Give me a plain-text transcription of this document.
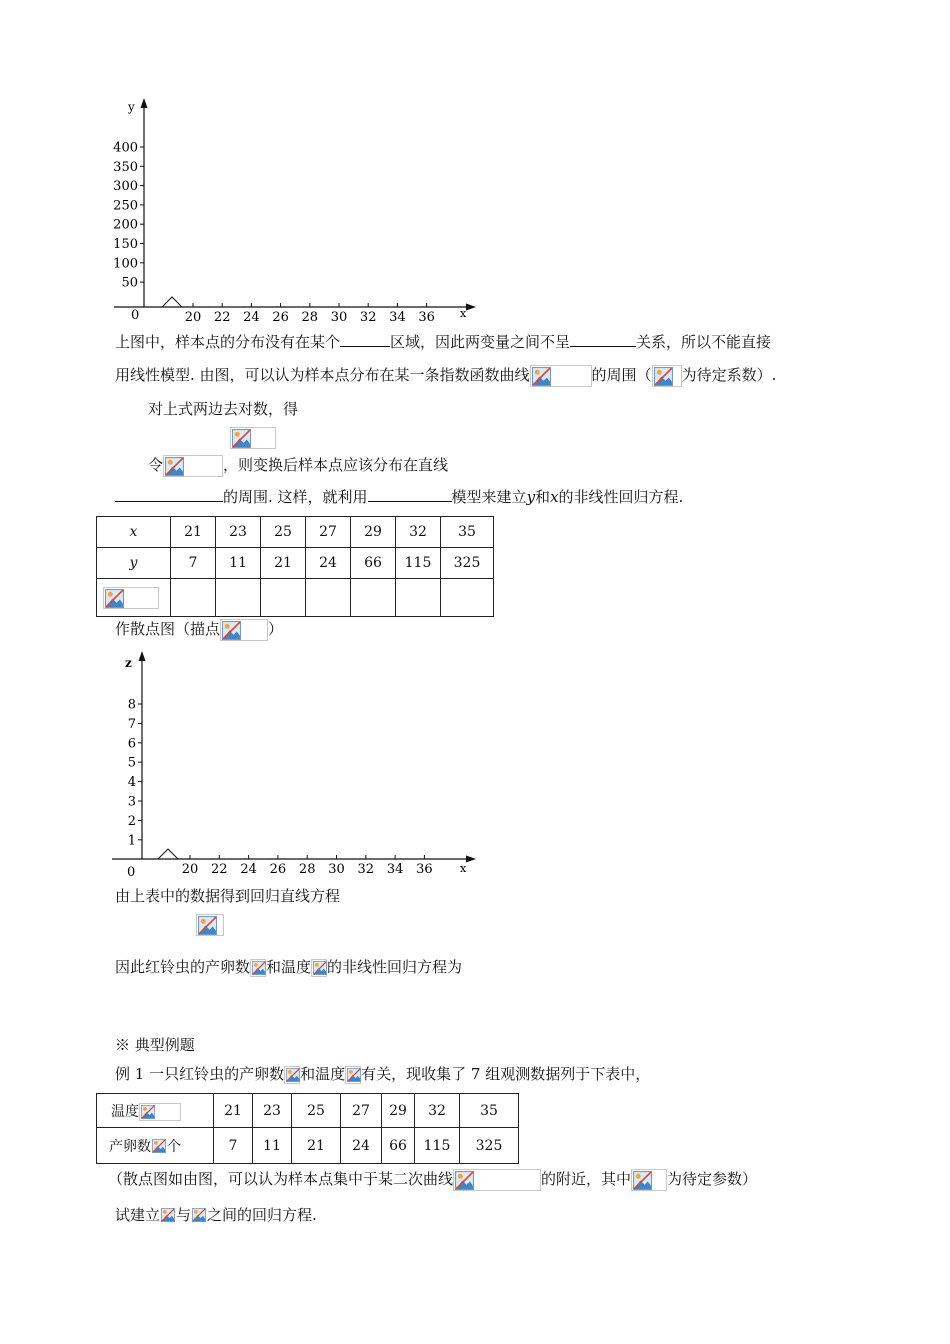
y
x
0
400
350
300
250
200
150
100
50
20 22 24 26 28 30 32 34 36
上图中，样本点的分布没有在某个	区域，因此两变量之间不呈	关系，所以不能直接
用线性模型. 由图，可以认为样本点分布在某一条指数函数曲线	的周围（ 为待定系数）.
对上式两边去对数，得
令	，则变换后样本点应该分布在直线
的周围. 这样，就利用	模型来建立y和x的非线性回归方程.
x	21	23	25	27	29	32	35
y	7	11	21	24	66	115	325

作散点图（描点	）
z
x
0
8
7
6
5
4
3
2
1
20 22 24 26 28 30 32 34 36
由上表中的数据得到回归直线方程
因此红铃虫的产卵数 和温度 的非线性回归方程为
※ 典型例题
例 1 一只红铃虫的产卵数 和温度 有关，现收集了 7 组观测数据列于下表中，
温度	21	23	25	27	29	32	35
产卵数 个	7	11	21	24	66	115	325
（散点图如由图，可以认为样本点集中于某二次曲线	的附近，其中 为待定参数）
试建立 与 之间的回归方程.
